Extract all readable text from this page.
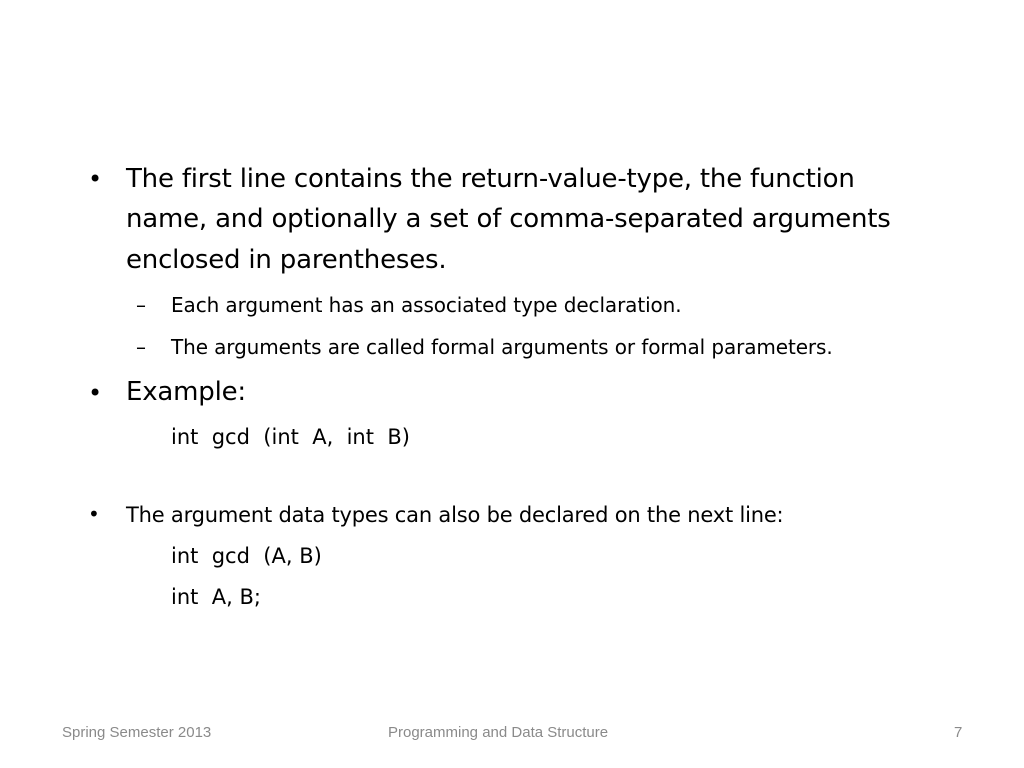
• The first line contains the return-value-type, the function
name, and optionally a set of comma-separated arguments
enclosed in parentheses.
– Each argument has an associated type declaration.
– The arguments are called formal arguments or formal parameters.
• Example:
int  gcd  (int  A,  int  B)
• The argument data types can also be declared on the next line:
int  gcd  (A, B)
int  A, B;
Spring Semester 2013	Programming and Data Structure	7
